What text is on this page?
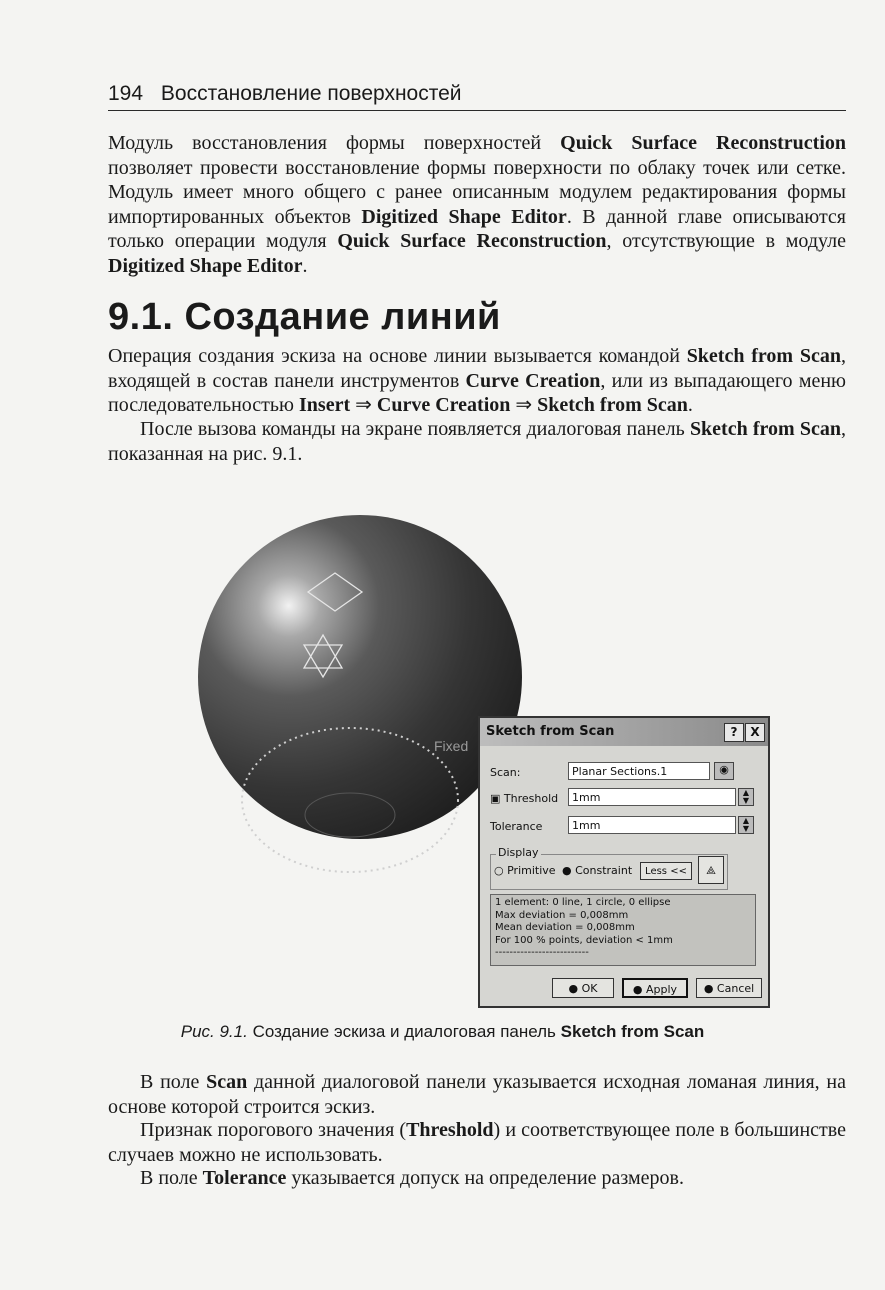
194 Восстановление поверхностей

Модуль восстановления формы поверхностей Quick Surface Reconstruction позволяет провести восстановление формы поверхности по облаку точек или сетке. Модуль имеет много общего с ранее описанным модулем редактирования формы импортированных объектов Digitized Shape Editor. В данной главе описываются только операции модуля Quick Surface Reconstruction, отсутствующие в модуле Digitized Shape Editor.

9.1. Создание линий

Операция создания эскиза на основе линии вызывается командой Sketch from Scan, входящей в состав панели инструментов Curve Creation, или из выпадающего меню последовательностью Insert ⇒ Curve Creation ⇒ Sketch from Scan.

После вызова команды на экране появляется диалоговая панель Sketch from Scan, показанная на рис. 9.1.

Fixed
Sketch from Scan	?	X
Scan:	Planar Sections.1	◉
▣ Threshold	1mm	▲
▼
Tolerance	1mm	▲
▼
Display
○ Primitive ● Constraint	Less <<	⟁
1 element: 0 line, 1 circle, 0 ellipse
Max deviation = 0,008mm
Mean deviation = 0,008mm
For 100 % points, deviation < 1mm
--------------------------
● OK	● Apply	● Cancel
Рис. 9.1. Создание эскиза и диалоговая панель Sketch from Scan

В поле Scan данной диалоговой панели указывается исходная ломаная линия, на основе которой строится эскиз.

Признак порогового значения (Threshold) и соответствующее поле в большинстве случаев можно не использовать.

В поле Tolerance указывается допуск на определение размеров.
